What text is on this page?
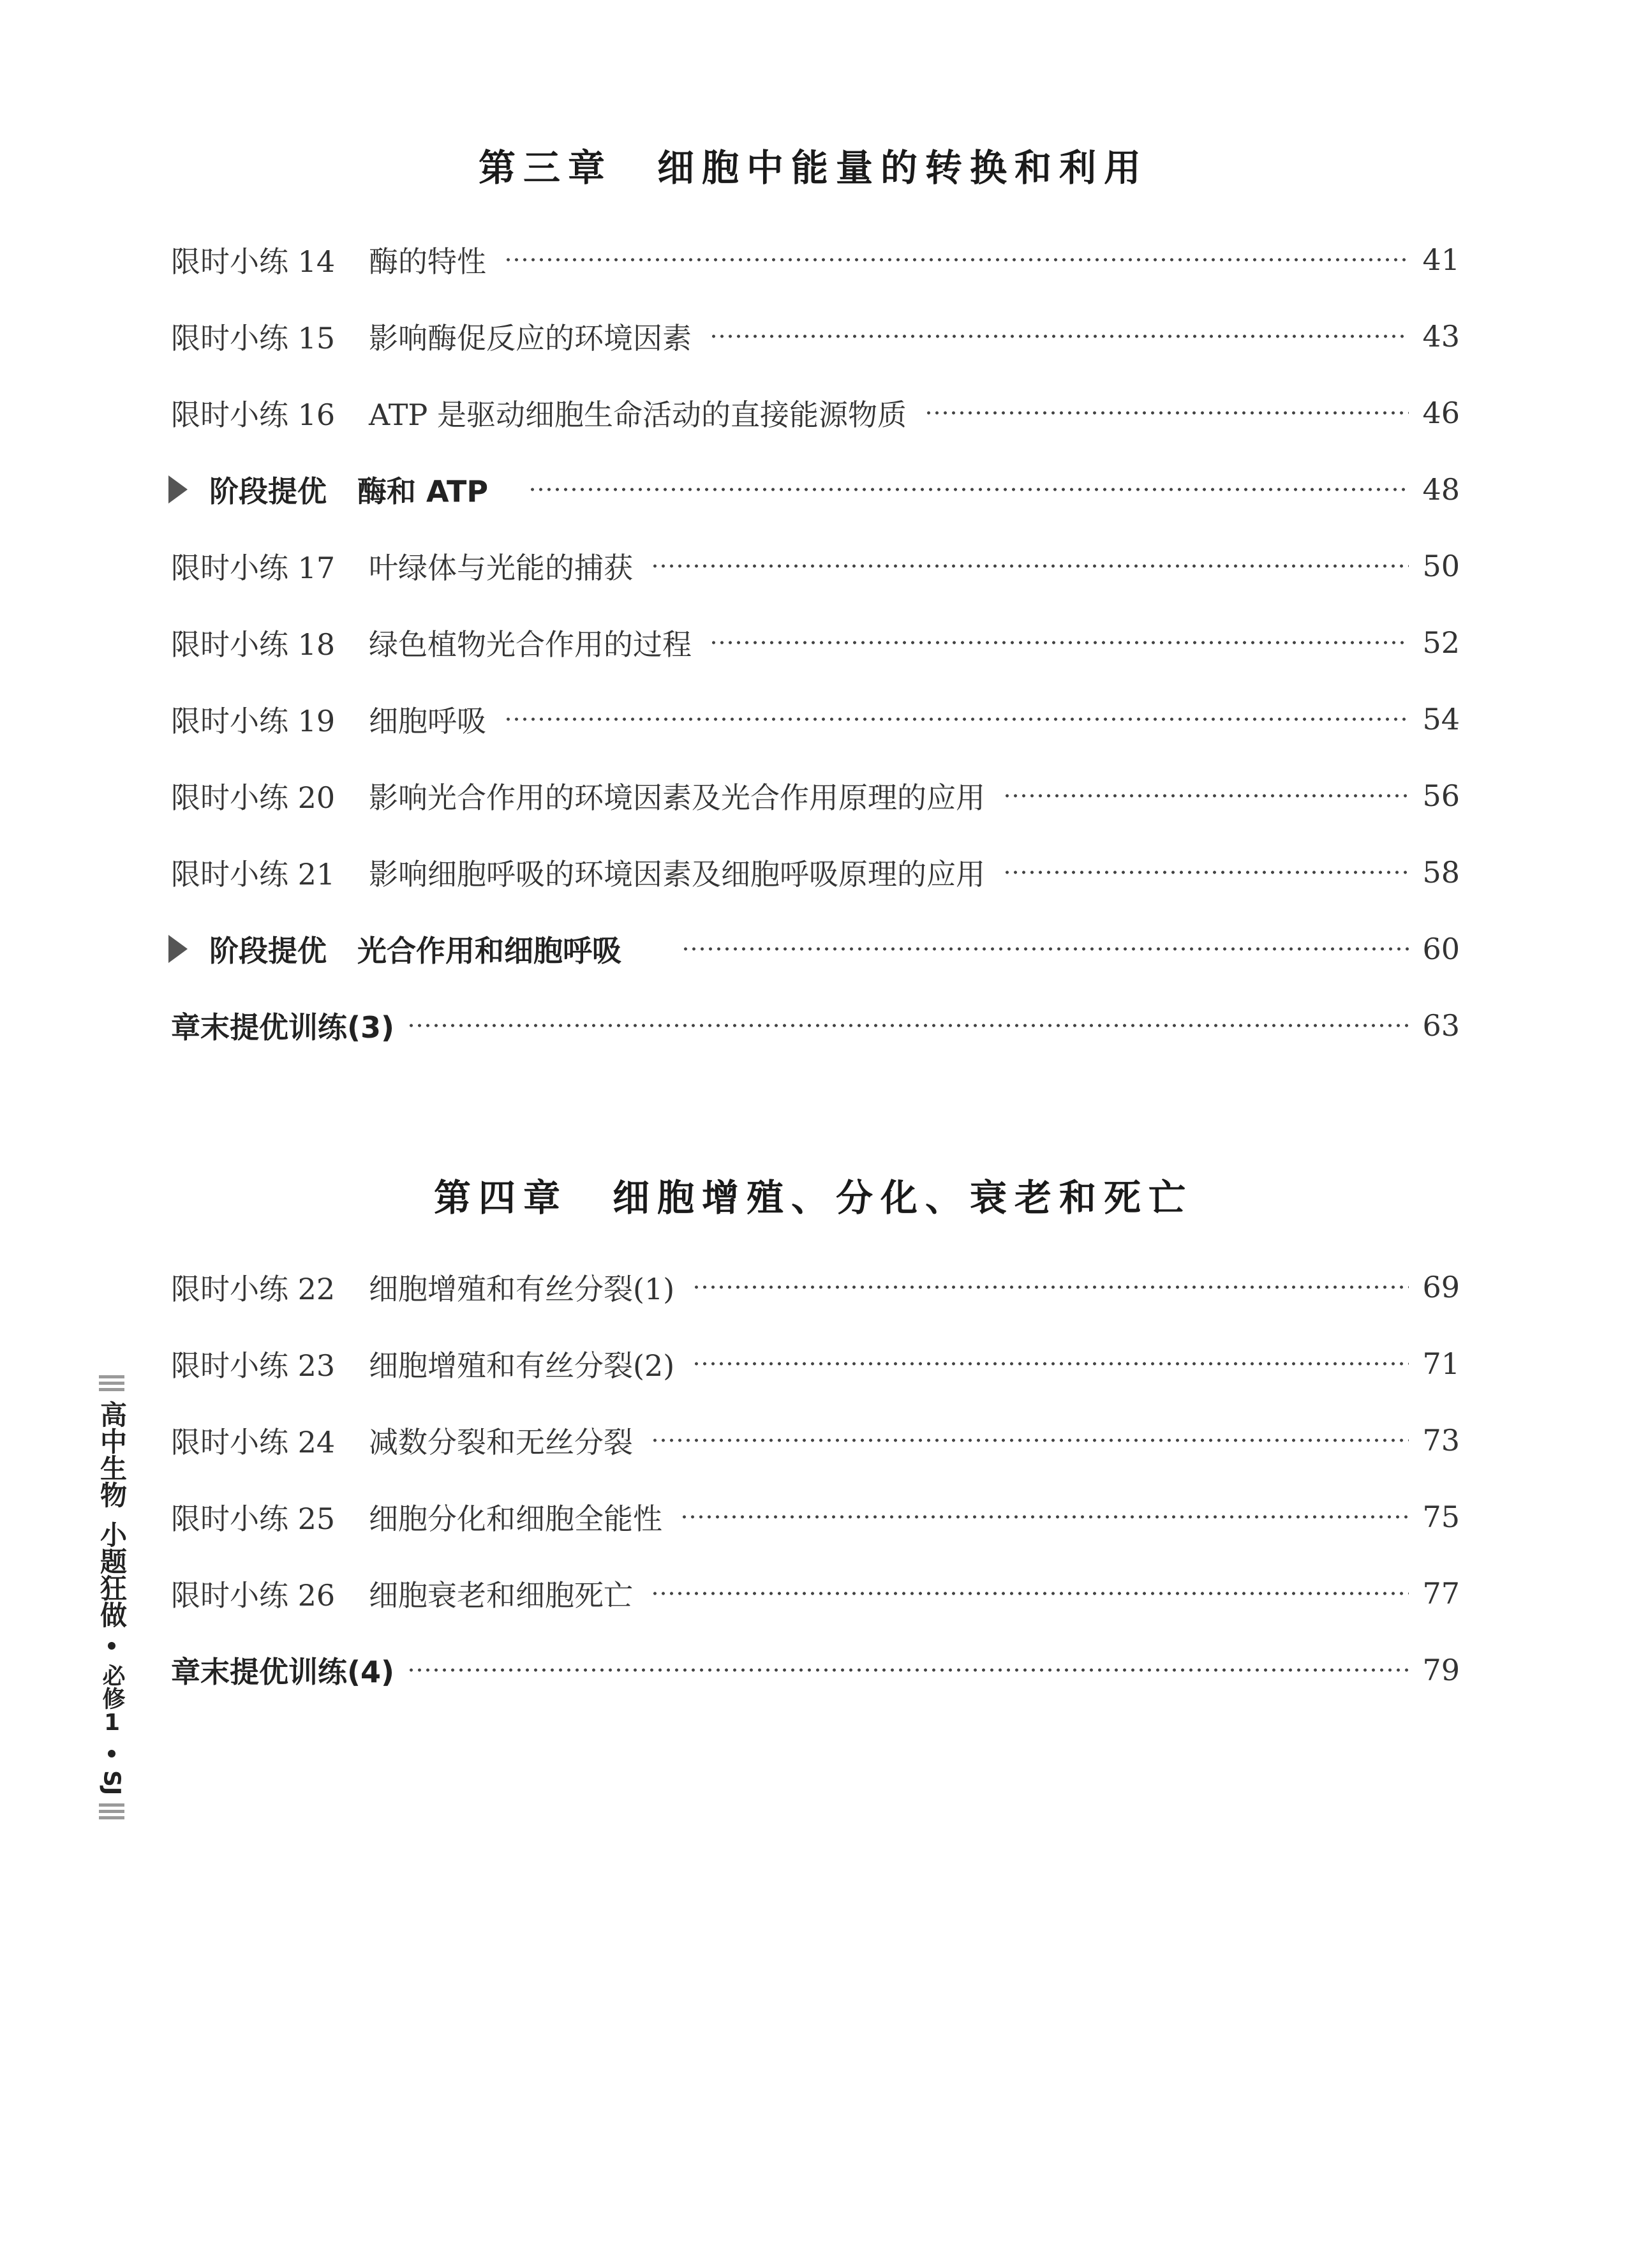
第三章　细胞中能量的转换和利用
限时小练 14	酶的特性	41
限时小练 15	影响酶促反应的环境因素	43
限时小练 16	ATP 是驱动细胞生命活动的直接能源物质	46
阶段提优 酶和 ATP	48
限时小练 17	叶绿体与光能的捕获	50
限时小练 18	绿色植物光合作用的过程	52
限时小练 19	细胞呼吸	54
限时小练 20	影响光合作用的环境因素及光合作用原理的应用	56
限时小练 21	影响细胞呼吸的环境因素及细胞呼吸原理的应用	58
阶段提优 光合作用和细胞呼吸	60
章末提优训练(3)	63
第四章　细胞增殖、分化、衰老和死亡
限时小练 22	细胞增殖和有丝分裂(1)	69
限时小练 23	细胞增殖和有丝分裂(2)	71
限时小练 24	减数分裂和无丝分裂	73
限时小练 25	细胞分化和细胞全能性	75
限时小练 26	细胞衰老和细胞死亡	77
章末提优训练(4)	79
高中生物
小题狂做
必修1
SJ
